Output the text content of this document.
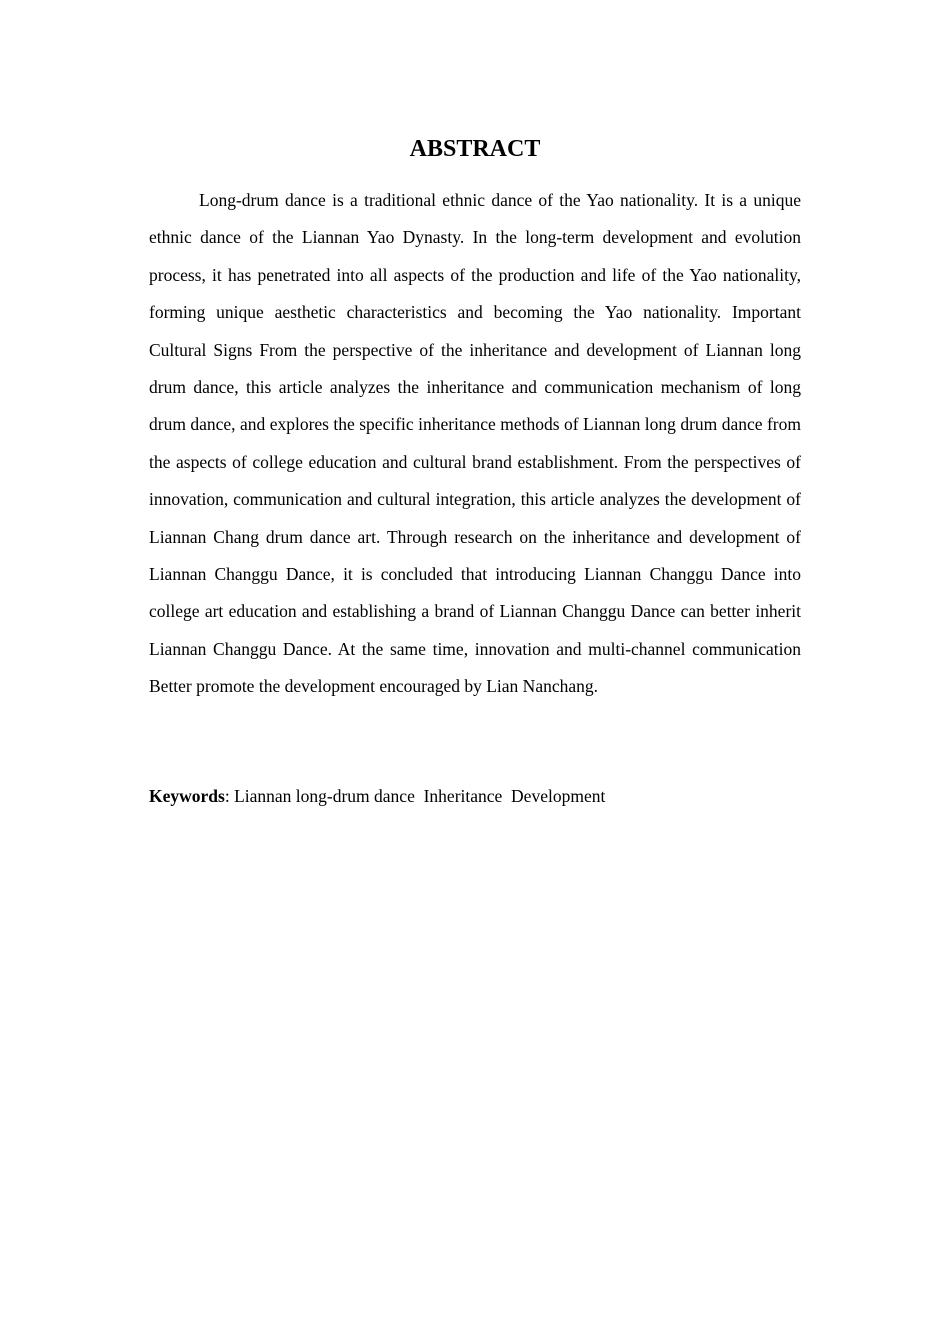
ABSTRACT

Long-drum dance is a traditional ethnic dance of the Yao nationality. It is a unique ethnic dance of the Liannan Yao Dynasty. In the long-term development and evolution process, it has penetrated into all aspects of the production and life of the Yao nationality, forming unique aesthetic characteristics and becoming the Yao nationality. Important Cultural Signs From the perspective of the inheritance and development of Liannan long drum dance, this article analyzes the inheritance and communication mechanism of long drum dance, and explores the specific inheritance methods of Liannan long drum dance from the aspects of college education and cultural brand establishment. From the perspectives of innovation, communication and cultural integration, this article analyzes the development of Liannan Chang drum dance art. Through research on the inheritance and development of Liannan Changgu Dance, it is concluded that introducing Liannan Changgu Dance into college art education and establishing a brand of Liannan Changgu Dance can better inherit Liannan Changgu Dance. At the same time, innovation and multi-channel communication Better promote the development encouraged by Lian Nanchang.

Keywords: Liannan long-drum dance  Inheritance  Development
